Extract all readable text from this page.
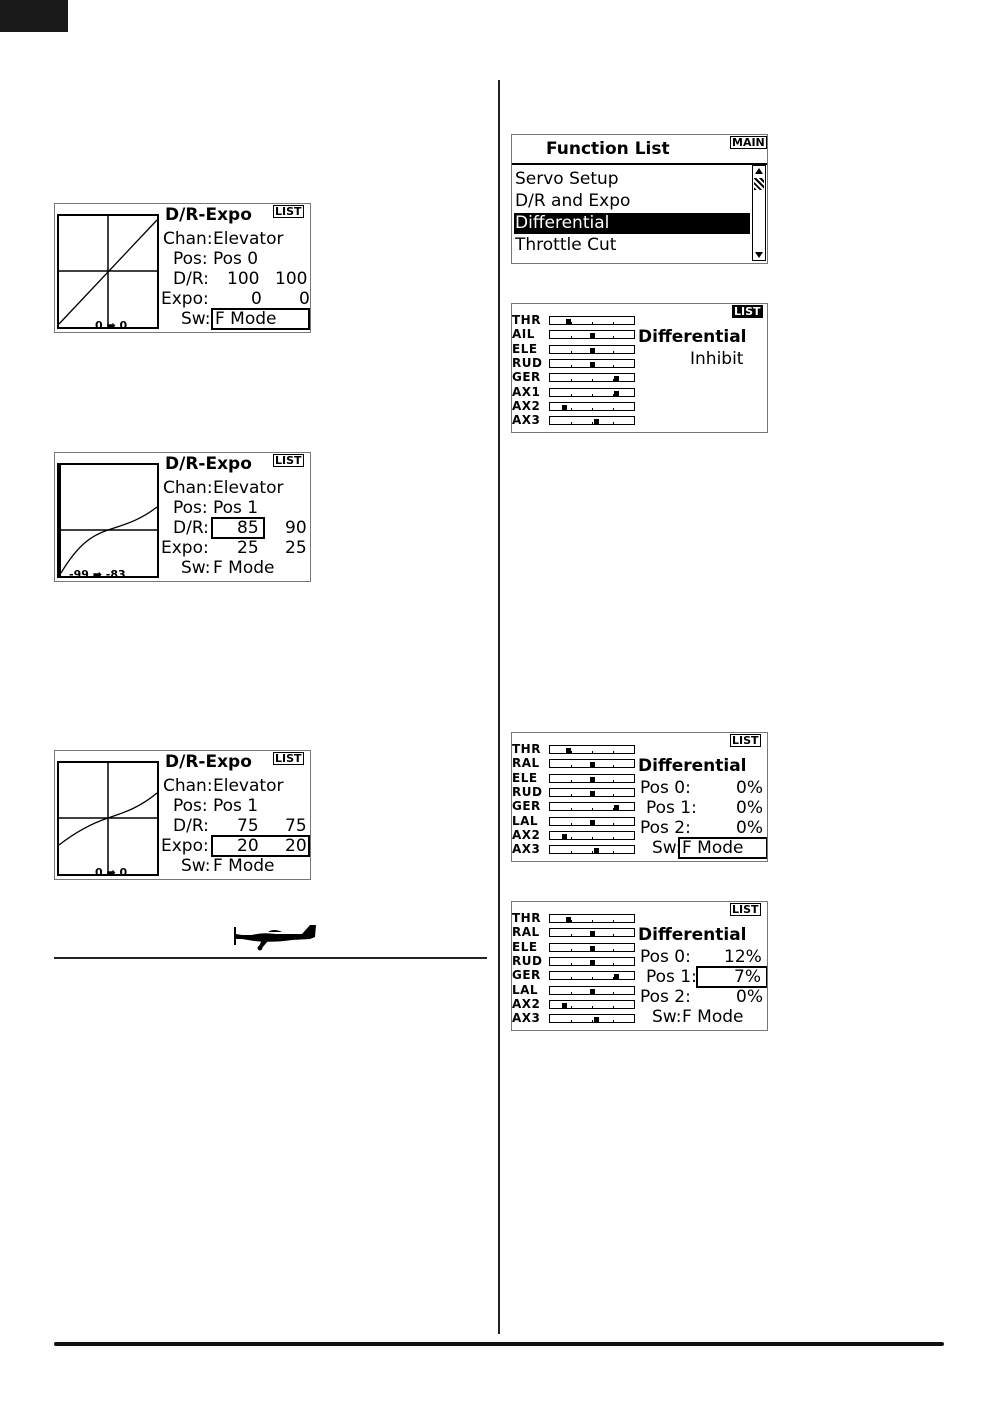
0 ➡ 0
D/R-Expo LIST
Chan: Elevator
Pos: Pos 0
D/R: 100 100
Expo: 0 0
Sw: F Mode
-99 ➡ -83
D/R-Expo LIST
Chan: Elevator
Pos: Pos 1
D/R: 85 90
Expo: 25 25
Sw: F Mode
0 ➡ 0
D/R-Expo LIST
Chan: Elevator
Pos: Pos 1
D/R: 75 75
Expo: 20 20
Sw: F Mode
Function List	MAIN
Servo Setup
D/R and Expo
Differential
Throttle Cut
LIST
THR
AIL
ELE
RUD
GER
AX1
AX2
AX3
Differential
Inhibit
LIST
THR
RAL
ELE
RUD
GER
LAL
AX2
AX3
Differential
Pos 0:	0%
Pos 1: 0%
Pos 2:	0%
Sw: F Mode
LIST
THR
RAL
ELE
RUD
GER
LAL
AX2
AX3
Differential
Pos 0: 12%
Pos 1: 7%
Pos 2:	0%
Sw: F Mode
